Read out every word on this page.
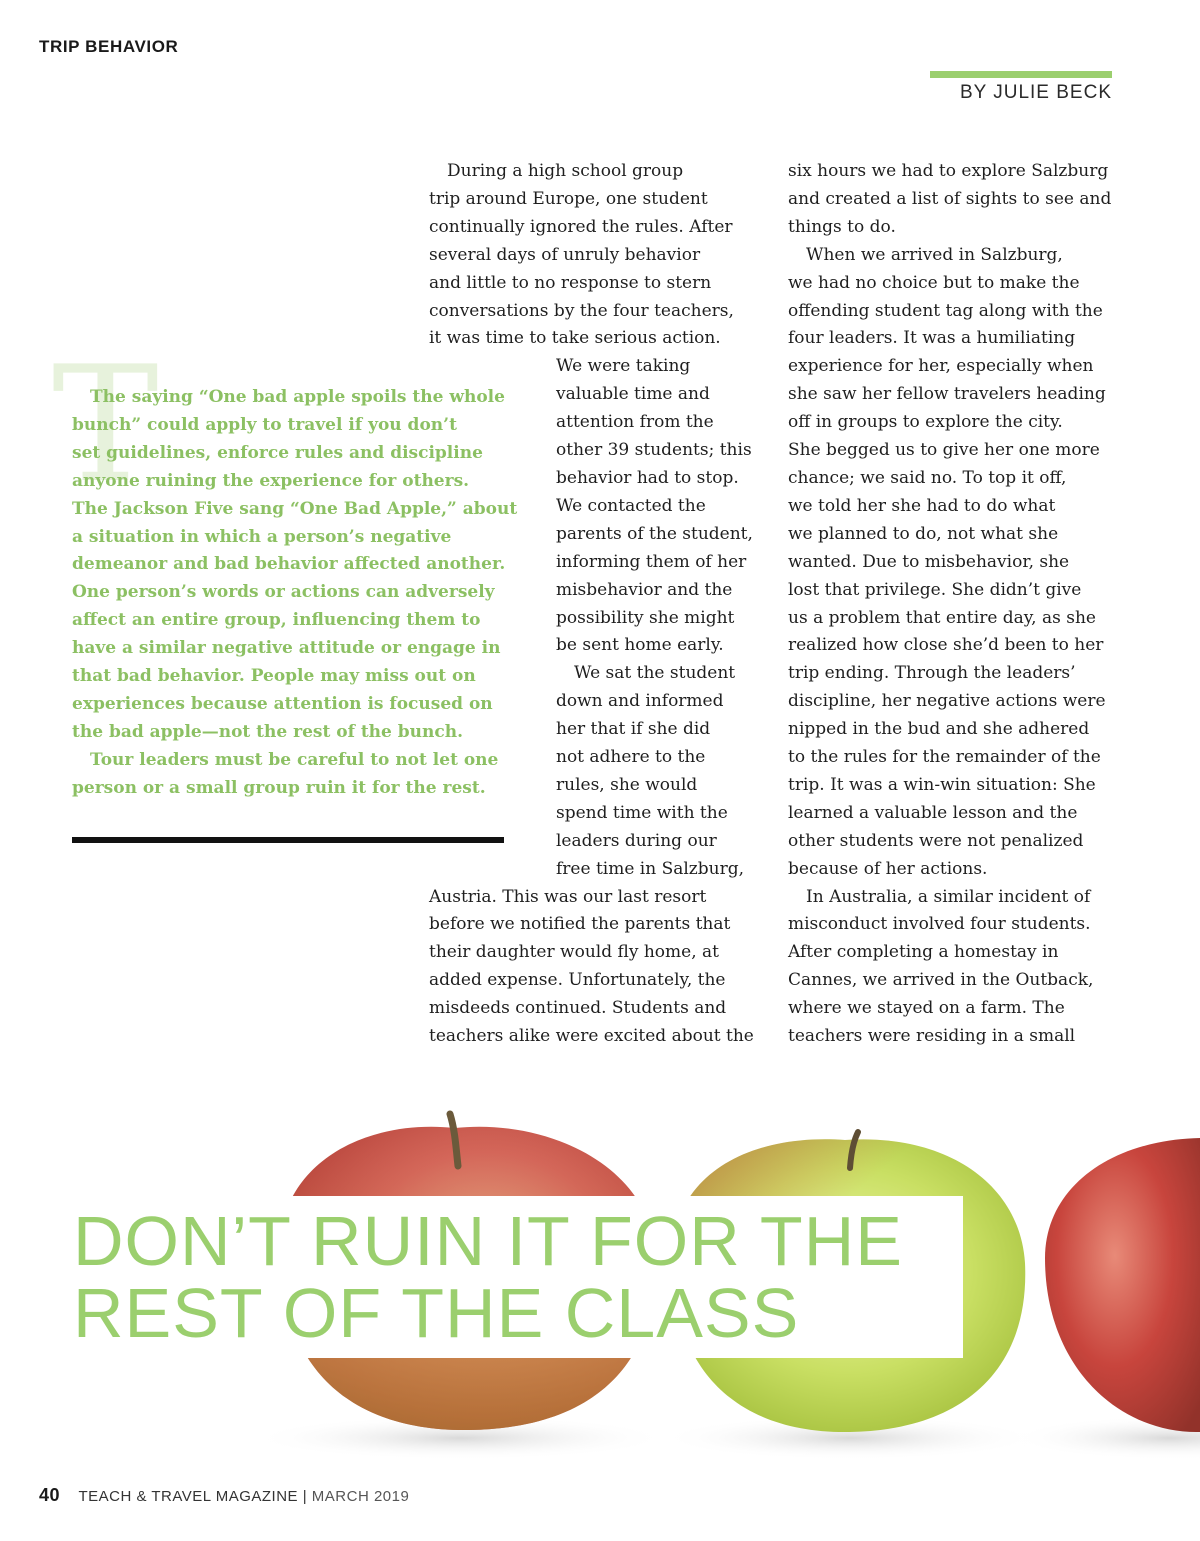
TRIP BEHAVIOR
BY JULIE BECK
During a high school group
trip around Europe, one student
continually ignored the rules. After
several days of unruly behavior
and little to no response to stern
conversations by the four teachers,
it was time to take serious action.
We were taking
valuable time and
attention from the
other 39 students; this
behavior had to stop.
We contacted the
parents of the student,
informing them of her
misbehavior and the
possibility she might
be sent home early.
We sat the student
down and informed
her that if she did
not adhere to the
rules, she would
spend time with the
leaders during our
free time in Salzburg,
Austria. This was our last resort
before we notified the parents that
their daughter would fly home, at
added expense. Unfortunately, the
misdeeds continued. Students and
teachers alike were excited about the
six hours we had to explore Salzburg
and created a list of sights to see and
things to do.
When we arrived in Salzburg,
we had no choice but to make the
offending student tag along with the
four leaders. It was a humiliating
experience for her, especially when
she saw her fellow travelers heading
off in groups to explore the city.
She begged us to give her one more
chance; we said no. To top it off,
we told her she had to do what
we planned to do, not what she
wanted. Due to misbehavior, she
lost that privilege. She didn’t give
us a problem that entire day, as she
realized how close she’d been to her
trip ending. Through the leaders’
discipline, her negative actions were
nipped in the bud and she adhered
to the rules for the remainder of the
trip. It was a win-win situation: She
learned a valuable lesson and the
other students were not penalized
because of her actions.
In Australia, a similar incident of
misconduct involved four students.
After completing a homestay in
Cannes, we arrived in the Outback,
where we stayed on a farm. The
teachers were residing in a small
T
The saying “One bad apple spoils the whole
bunch” could apply to travel if you don’t
set guidelines, enforce rules and discipline
anyone ruining the experience for others.
The Jackson Five sang “One Bad Apple,” about
a situation in which a person’s negative
demeanor and bad behavior affected another.
One person’s words or actions can adversely
affect an entire group, influencing them to
have a similar negative attitude or engage in
that bad behavior. People may miss out on
experiences because attention is focused on
the bad apple—not the rest of the bunch.
Tour leaders must be careful to not let one
person or a small group ruin it for the rest.
DON’T RUIN IT FOR THE
REST OF THE CLASS
40 TEACH & TRAVEL MAGAZINE | MARCH 2019
